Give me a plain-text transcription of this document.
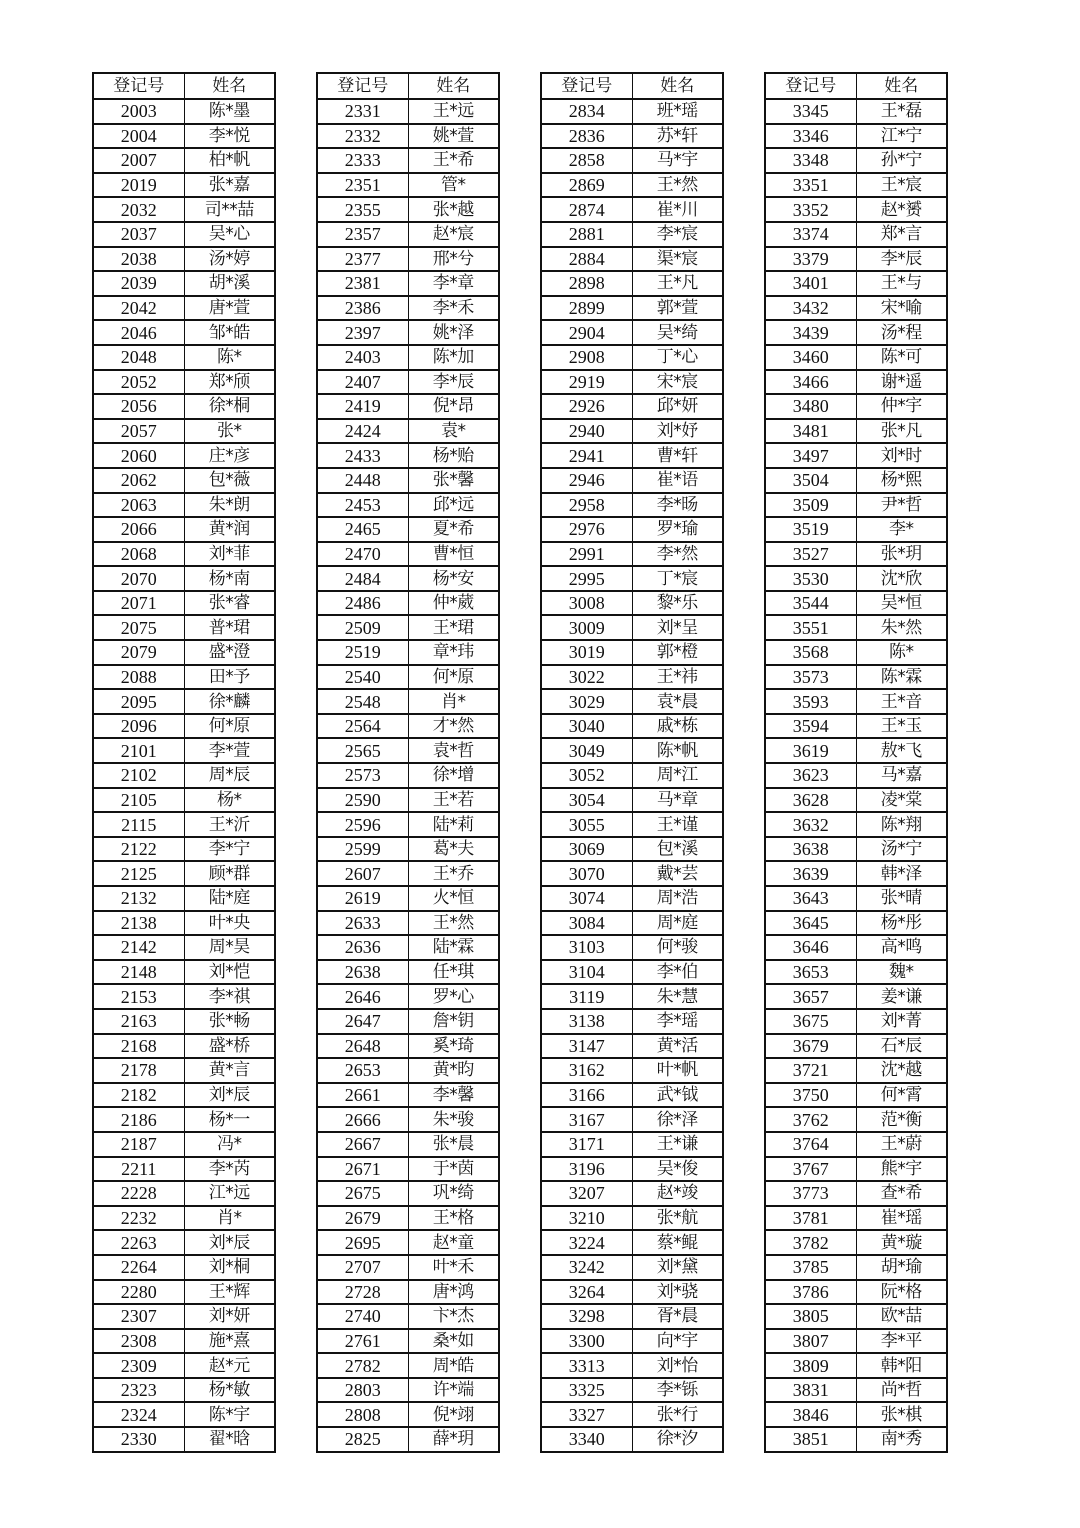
登记号	姓名
2003	陈*墨
2004	李*悦
2007	柏*帆
2019	张*嘉
2032	司**喆
2037	吴*心
2038	汤*婷
2039	胡*溪
2042	唐*萱
2046	邹*皓
2048	陈*
2052	郑*颀
2056	徐*桐
2057	张*
2060	庄*彦
2062	包*薇
2063	朱*朗
2066	黄*润
2068	刘*菲
2070	杨*南
2071	张*睿
2075	普*珺
2079	盛*澄
2088	田*予
2095	徐*麟
2096	何*原
2101	李*萱
2102	周*辰
2105	杨*
2115	王*沂
2122	李*宁
2125	顾*群
2132	陆*庭
2138	叶*央
2142	周*昊
2148	刘*恺
2153	李*祺
2163	张*畅
2168	盛*桥
2178	黄*言
2182	刘*辰
2186	杨*一
2187	冯*
2211	李*芮
2228	江*远
2232	肖*
2263	刘*辰
2264	刘*桐
2280	王*辉
2307	刘*妍
2308	施*熹
2309	赵*元
2323	杨*敏
2324	陈*宇
2330	翟*晗
登记号	姓名
2331	王*远
2332	姚*萱
2333	王*希
2351	管*
2355	张*越
2357	赵*宸
2377	邢*兮
2381	李*章
2386	李*禾
2397	姚*泽
2403	陈*加
2407	李*辰
2419	倪*昂
2424	袁*
2433	杨*贻
2448	张*馨
2453	邱*远
2465	夏*希
2470	曹*恒
2484	杨*安
2486	仲*葳
2509	王*珺
2519	章*玮
2540	何*原
2548	肖*
2564	才*然
2565	袁*哲
2573	徐*增
2590	王*若
2596	陆*莉
2599	葛*夫
2607	王*乔
2619	火*恒
2633	王*然
2636	陆*霖
2638	任*琪
2646	罗*心
2647	詹*钥
2648	奚*琦
2653	黄*昀
2661	李*馨
2666	朱*骏
2667	张*晨
2671	于*茵
2675	巩*绮
2679	王*格
2695	赵*童
2707	叶*禾
2728	唐*鸿
2740	卞*杰
2761	桑*如
2782	周*皓
2803	许*端
2808	倪*翊
2825	薛*玥
登记号	姓名
2834	班*瑶
2836	苏*轩
2858	马*宇
2869	王*然
2874	崔*川
2881	李*宸
2884	渠*宸
2898	王*凡
2899	郭*萱
2904	吴*绮
2908	丁*心
2919	宋*宸
2926	邱*妍
2940	刘*妤
2941	曹*轩
2946	崔*语
2958	李*旸
2976	罗*瑜
2991	李*然
2995	丁*宸
3008	黎*乐
3009	刘*呈
3019	郭*橙
3022	王*祎
3029	袁*晨
3040	戚*栋
3049	陈*帆
3052	周*江
3054	马*章
3055	王*谨
3069	包*溪
3070	戴*芸
3074	周*浩
3084	周*庭
3103	何*骏
3104	李*伯
3119	朱*慧
3138	李*瑶
3147	黄*活
3162	叶*帆
3166	武*钺
3167	徐*泽
3171	王*谦
3196	吴*俊
3207	赵*竣
3210	张*航
3224	蔡*鲲
3242	刘*黛
3264	刘*骁
3298	胥*晨
3300	向*宇
3313	刘*怡
3325	李*铄
3327	张*行
3340	徐*汐
登记号	姓名
3345	王*磊
3346	江*宁
3348	孙*宁
3351	王*宸
3352	赵*赟
3374	郑*言
3379	李*辰
3401	王*与
3432	宋*喻
3439	汤*程
3460	陈*可
3466	谢*遥
3480	仲*宇
3481	张*凡
3497	刘*时
3504	杨*熙
3509	尹*哲
3519	李*
3527	张*玥
3530	沈*欣
3544	吴*恒
3551	朱*然
3568	陈*
3573	陈*霖
3593	王*音
3594	王*玉
3619	敖*飞
3623	马*嘉
3628	凌*棠
3632	陈*翔
3638	汤*宁
3639	韩*泽
3643	张*晴
3645	杨*彤
3646	高*鸣
3653	魏*
3657	姜*谦
3675	刘*菁
3679	石*辰
3721	沈*越
3750	何*霄
3762	范*衡
3764	王*蔚
3767	熊*宇
3773	查*希
3781	崔*瑶
3782	黄*璇
3785	胡*瑜
3786	阮*格
3805	欧*喆
3807	李*平
3809	韩*阳
3831	尚*哲
3846	张*棋
3851	南*秀
